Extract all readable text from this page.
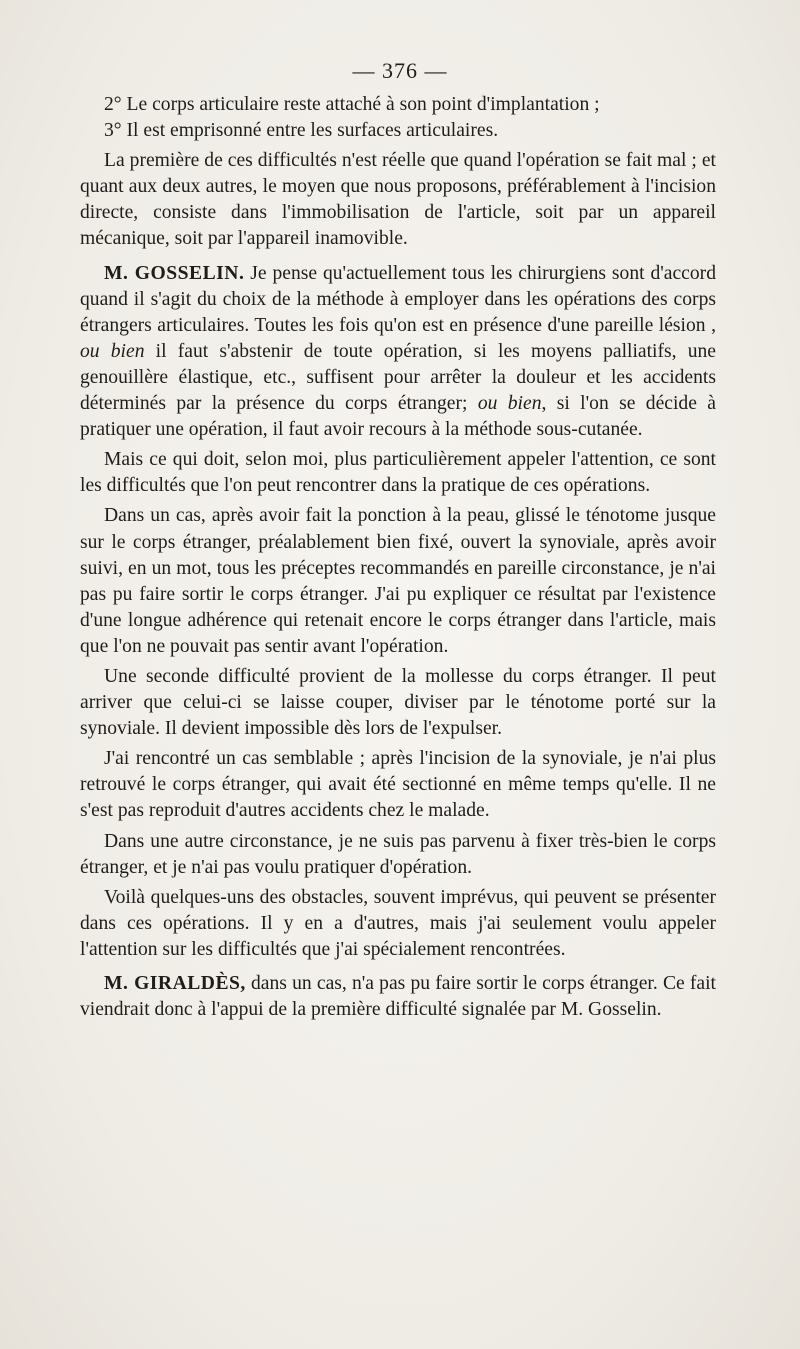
— 376 —

2° Le corps articulaire reste attaché à son point d'implantation ;

3° Il est emprisonné entre les surfaces articulaires.

La première de ces difficultés n'est réelle que quand l'opération se fait mal ; et quant aux deux autres, le moyen que nous proposons, préférablement à l'incision directe, consiste dans l'immobilisation de l'article, soit par un appareil mécanique, soit par l'appareil inamovible.

M. GOSSELIN. Je pense qu'actuellement tous les chirurgiens sont d'accord quand il s'agit du choix de la méthode à employer dans les opérations des corps étrangers articulaires. Toutes les fois qu'on est en présence d'une pareille lésion , ou bien il faut s'abstenir de toute opération, si les moyens palliatifs, une genouillère élastique, etc., suffisent pour arrêter la douleur et les accidents déterminés par la présence du corps étranger; ou bien, si l'on se décide à pratiquer une opération, il faut avoir recours à la méthode sous-cutanée.

Mais ce qui doit, selon moi, plus particulièrement appeler l'attention, ce sont les difficultés que l'on peut rencontrer dans la pratique de ces opérations.

Dans un cas, après avoir fait la ponction à la peau, glissé le ténotome jusque sur le corps étranger, préalablement bien fixé, ouvert la synoviale, après avoir suivi, en un mot, tous les préceptes recommandés en pareille circonstance, je n'ai pas pu faire sortir le corps étranger. J'ai pu expliquer ce résultat par l'existence d'une longue adhérence qui retenait encore le corps étranger dans l'article, mais que l'on ne pouvait pas sentir avant l'opération.

Une seconde difficulté provient de la mollesse du corps étranger. Il peut arriver que celui-ci se laisse couper, diviser par le ténotome porté sur la synoviale. Il devient impossible dès lors de l'expulser.

J'ai rencontré un cas semblable ; après l'incision de la synoviale, je n'ai plus retrouvé le corps étranger, qui avait été sectionné en même temps qu'elle. Il ne s'est pas reproduit d'autres accidents chez le malade.

Dans une autre circonstance, je ne suis pas parvenu à fixer très-bien le corps étranger, et je n'ai pas voulu pratiquer d'opération.

Voilà quelques-uns des obstacles, souvent imprévus, qui peuvent se présenter dans ces opérations. Il y en a d'autres, mais j'ai seulement voulu appeler l'attention sur les difficultés que j'ai spécialement rencontrées.

M. GIRALDÈS, dans un cas, n'a pas pu faire sortir le corps étranger. Ce fait viendrait donc à l'appui de la première difficulté signalée par M. Gosselin.
